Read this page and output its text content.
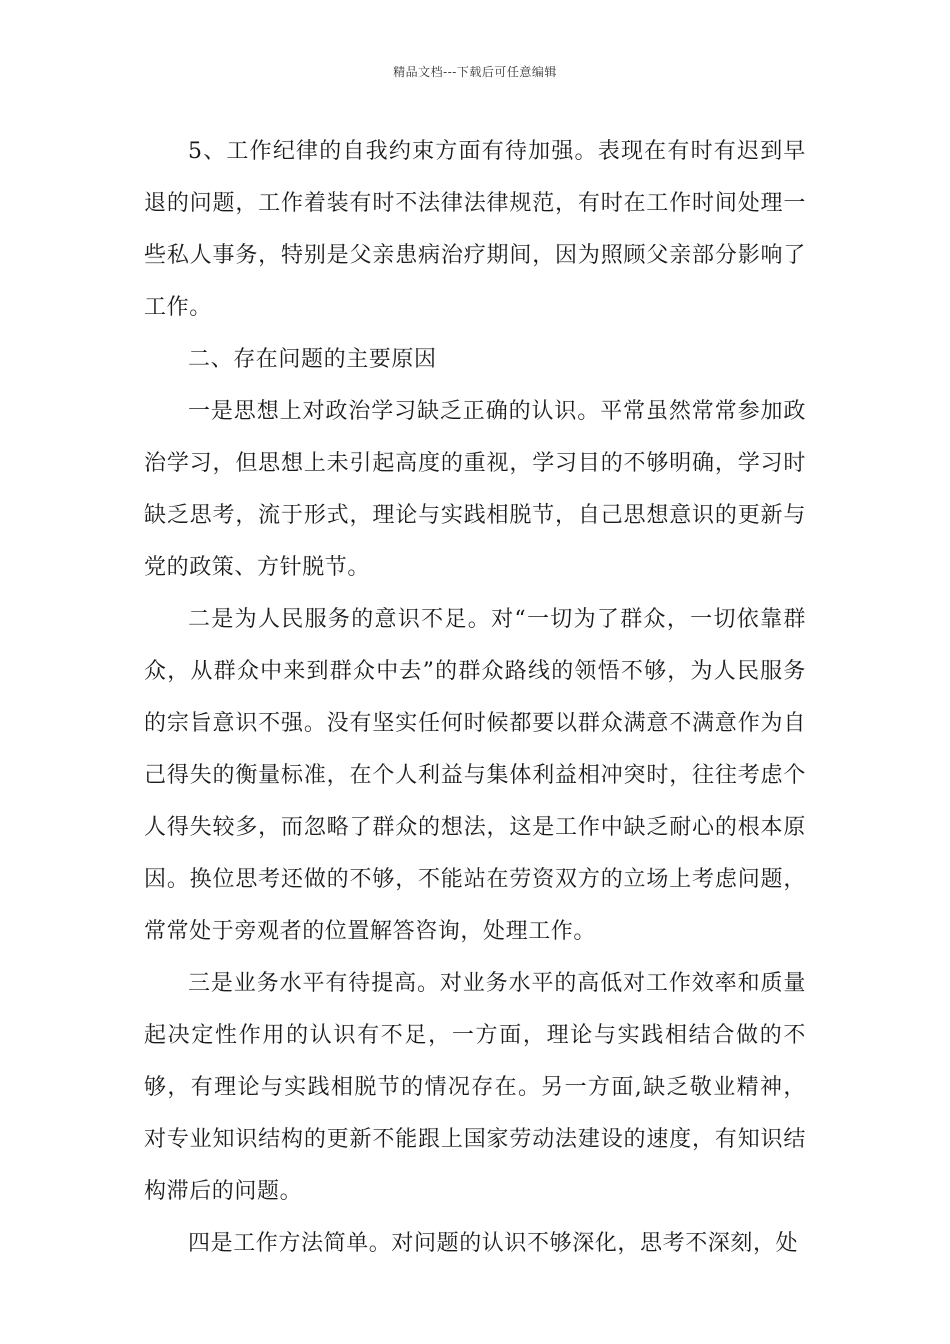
精品文档---下载后可任意编辑

5、工作纪律的自我约束方面有待加强。表现在有时有迟到早退的问题，工作着装有时不法律法律规范，有时在工作时间处理一些私人事务，特别是父亲患病治疗期间，因为照顾父亲部分影响了工作。

二、存在问题的主要原因

一是思想上对政治学习缺乏正确的认识。平常虽然常常参加政治学习，但思想上未引起高度的重视，学习目的不够明确，学习时缺乏思考，流于形式，理论与实践相脱节，自己思想意识的更新与党的政策、方针脱节。

二是为人民服务的意识不足。对“一切为了群众，一切依靠群众，从群众中来到群众中去”的群众路线的领悟不够，为人民服务的宗旨意识不强。没有坚实任何时候都要以群众满意不满意作为自己得失的衡量标准，在个人利益与集体利益相冲突时，往往考虑个人得失较多，而忽略了群众的想法，这是工作中缺乏耐心的根本原因。换位思考还做的不够，不能站在劳资双方的立场上考虑问题，常常处于旁观者的位置解答咨询，处理工作。

三是业务水平有待提高。对业务水平的高低对工作效率和质量起决定性作用的认识有不足，一方面，理论与实践相结合做的不够，有理论与实践相脱节的情况存在。另一方面,缺乏敬业精神，对专业知识结构的更新不能跟上国家劳动法建设的速度，有知识结构滞后的问题。

四是工作方法简单。对问题的认识不够深化，思考不深刻，处
